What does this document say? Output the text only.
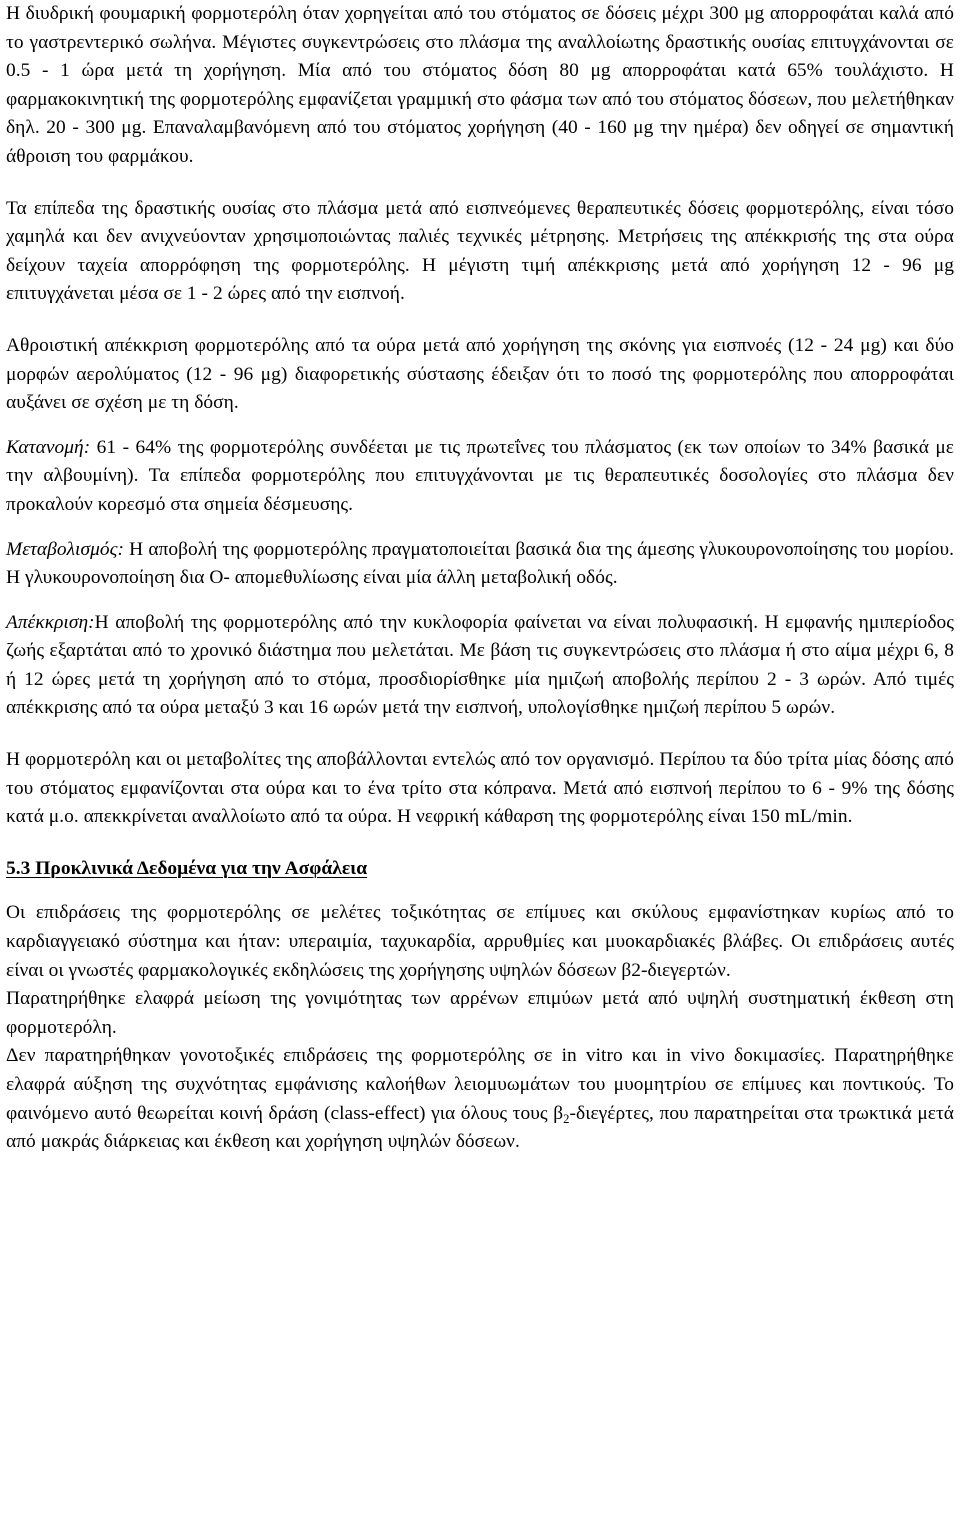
Η διυδρική φουμαρική φορμοτερόλη όταν χορηγείται από του στόματος σε δόσεις μέχρι 300 μg απορροφάται καλά από το γαστρεντερικό σωλήνα. Μέγιστες συγκεντρώσεις στο πλάσμα της αναλλοίωτης δραστικής ουσίας επιτυγχάνονται σε 0.5 - 1 ώρα μετά τη χορήγηση. Μία από του στόματος δόση 80 μg απορροφάται κατά 65% τουλάχιστο. Η φαρμακοκινητική της φορμοτερόλης εμφανίζεται γραμμική στο φάσμα των από του στόματος δόσεων, που μελετήθηκαν δηλ. 20 - 300 μg. Επαναλαμβανόμενη από του στόματος χορήγηση (40 - 160 μg την ημέρα) δεν οδηγεί σε σημαντική άθροιση του φαρμάκου.

Τα επίπεδα της δραστικής ουσίας στο πλάσμα μετά από εισπνεόμενες θεραπευτικές δόσεις φορμοτερόλης, είναι τόσο χαμηλά και δεν ανιχνεύονταν χρησιμοποιώντας παλιές τεχνικές μέτρησης. Μετρήσεις της απέκκρισής της στα ούρα δείχουν ταχεία απορρόφηση της φορμοτερόλης. Η μέγιστη τιμή απέκκρισης μετά από χορήγηση 12 - 96 μg επιτυγχάνεται μέσα σε 1 - 2 ώρες από την εισπνοή.

Αθροιστική απέκκριση φορμοτερόλης από τα ούρα μετά από χορήγηση της σκόνης για εισπνοές (12 - 24 μg) και δύο μορφών αερολύματος (12 - 96 μg) διαφορετικής σύστασης έδειξαν ότι το ποσό της φορμοτερόλης που απορροφάται αυξάνει σε σχέση με τη δόση.

Κατανομή: 61 - 64% της φορμοτερόλης συνδέεται με τις πρωτεΐνες του πλάσματος (εκ των οποίων το 34% βασικά με την αλβουμίνη). Τα επίπεδα φορμοτερόλης που επιτυγχάνονται με τις θεραπευτικές δοσολογίες στο πλάσμα δεν προκαλούν κορεσμό στα σημεία δέσμευσης.

Μεταβολισμός: Η αποβολή της φορμοτερόλης πραγματοποιείται βασικά δια της άμεσης γλυκουρονοποίησης του μορίου. Η γλυκουρονοποίηση δια Ο- απομεθυλίωσης είναι μία άλλη μεταβολική οδός.

Απέκκριση:Η αποβολή της φορμοτερόλης από την κυκλοφορία φαίνεται να είναι πολυφασική. Η εμφανής ημιπερίοδος ζωής εξαρτάται από το χρονικό διάστημα που μελετάται. Με βάση τις συγκεντρώσεις στο πλάσμα ή στο αίμα μέχρι 6, 8 ή 12 ώρες μετά τη χορήγηση από το στόμα, προσδιορίσθηκε μία ημιζωή αποβολής περίπου 2 - 3 ωρών. Από τιμές απέκκρισης από τα ούρα μεταξύ 3 και 16 ωρών μετά την εισπνοή, υπολογίσθηκε ημιζωή περίπου 5 ωρών.

Η φορμοτερόλη και οι μεταβολίτες της αποβάλλονται εντελώς από τον οργανισμό. Περίπου τα δύο τρίτα μίας δόσης από του στόματος εμφανίζονται στα ούρα και το ένα τρίτο στα κόπρανα. Μετά από εισπνοή περίπου το 6 - 9% της δόσης κατά μ.ο. απεκκρίνεται αναλλοίωτο από τα ούρα. Η νεφρική κάθαρση της φορμοτερόλης είναι 150 mL/min.

5.3 Προκλινικά Δεδομένα για την Ασφάλεια

Οι επιδράσεις της φορμοτερόλης σε μελέτες τοξικότητας σε επίμυες και σκύλους εμφανίστηκαν κυρίως από το καρδιαγγειακό σύστημα και ήταν: υπεραιμία, ταχυκαρδία, αρρυθμίες και μυοκαρδιακές βλάβες. Οι επιδράσεις αυτές είναι οι γνωστές φαρμακολογικές εκδηλώσεις της χορήγησης υψηλών δόσεων β2-διεγερτών.

Παρατηρήθηκε ελαφρά μείωση της γονιμότητας των αρρένων επιμύων μετά από υψηλή συστηματική έκθεση στη φορμοτερόλη.

Δεν παρατηρήθηκαν γονοτοξικές επιδράσεις της φορμοτερόλης σε in vitro και in vivo δοκιμασίες. Παρατηρήθηκε ελαφρά αύξηση της συχνότητας εμφάνισης καλοήθων λειομυωμάτων του μυομητρίου σε επίμυες και ποντικούς. Το φαινόμενο αυτό θεωρείται κοινή δράση (class-effect) για όλους τους $\beta_2$-διεγέρτες, που παρατηρείται στα τρωκτικά μετά από μακράς διάρκειας και έκθεση και χορήγηση υψηλών δόσεων.
